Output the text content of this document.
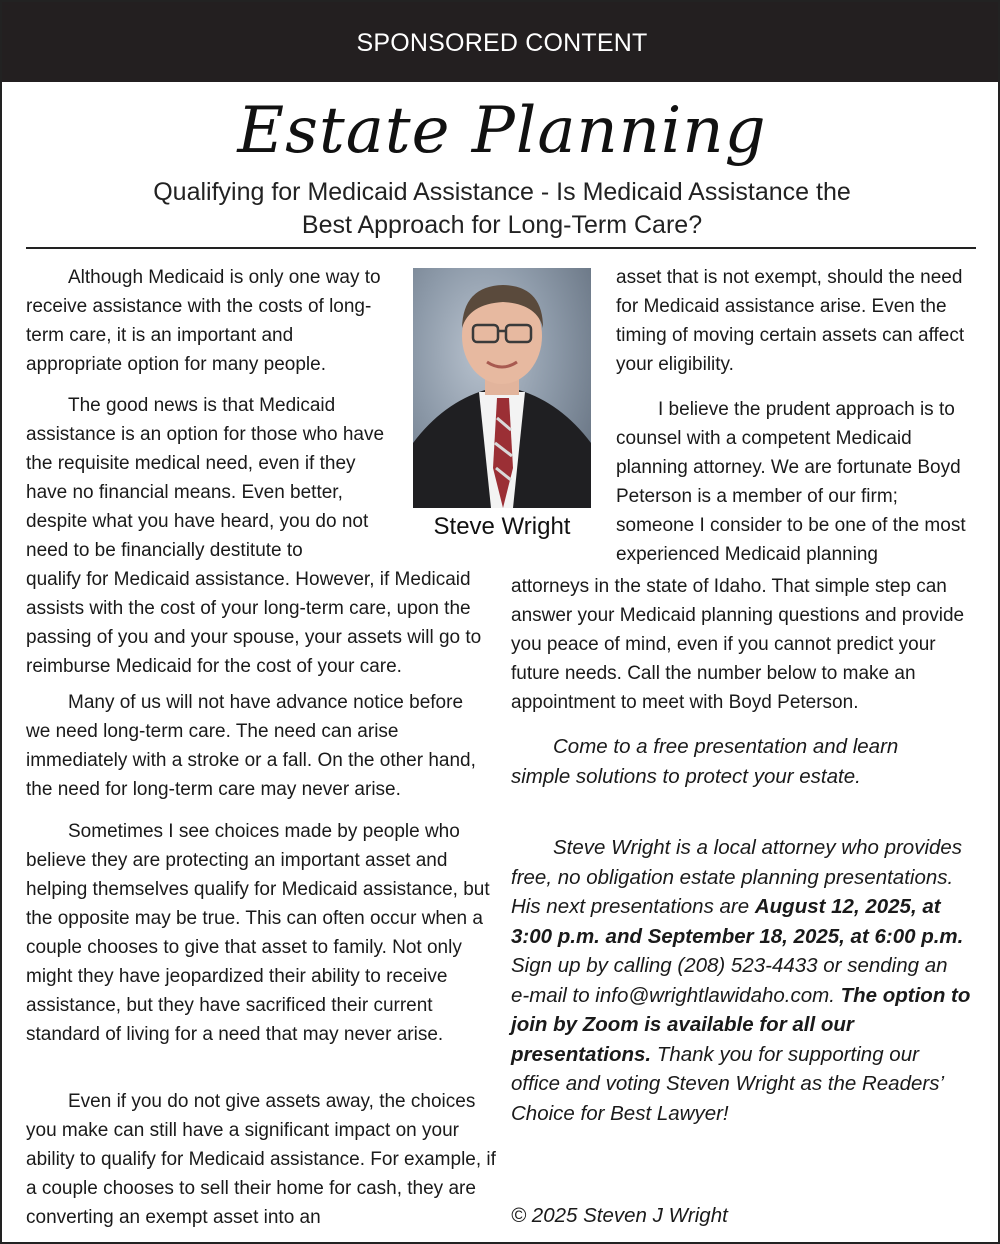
SPONSORED CONTENT
Estate Planning
Qualifying for Medicaid Assistance - Is Medicaid Assistance the
Best Approach for Long-Term Care?

Although Medicaid is only one way to receive assistance with the costs of long-term care, it is an important and appropriate option for many people.

The good news is that Medicaid assistance is an option for those who have the requisite medical need, even if they have no financial means. Even better, despite what you have heard, you do not need to be financially destitute to

qualify for Medicaid assistance. However, if Medicaid assists with the cost of your long-term care, upon the passing of you and your spouse, your assets will go to reimburse Medicaid for the cost of your care.

Many of us will not have advance notice before we need long-term care. The need can arise immediately with a stroke or a fall. On the other hand, the need for long-term care may never arise.

Sometimes I see choices made by people who believe they are protecting an important asset and helping themselves qualify for Medicaid assistance, but the opposite may be true. This can often occur when a couple chooses to give that asset to family. Not only might they have jeopardized their ability to receive assistance, but they have sacrificed their current standard of living for a need that may never arise.

Even if you do not give assets away, the choices you make can still have a significant impact on your ability to qualify for Medicaid assistance. For example, if a couple chooses to sell their home for cash, they are converting an exempt asset into an

Steve Wright

asset that is not exempt, should the need for Medicaid assistance arise. Even the timing of moving certain assets can affect your eligibility.

I believe the prudent approach is to counsel with a competent Medicaid planning attorney. We are fortunate Boyd Peterson is a member of our firm; someone I consider to be one of the most experienced Medicaid planning

attorneys in the state of Idaho. That simple step can answer your Medicaid planning questions and provide you peace of mind, even if you cannot predict your future needs. Call the number below to make an appointment to meet with Boyd Peterson.

Come to a free presentation and learn simple solutions to protect your estate.

Steve Wright is a local attorney who provides free, no obligation estate planning presentations. His next presentations are August 12, 2025, at 3:00 p.m. and September 18, 2025, at 6:00 p.m. Sign up by calling (208) 523-4433 or sending an e-mail to info@wrightlawidaho.com. The option to join by Zoom is available for all our presentations. Thank you for supporting our office and voting Steven Wright as the Readers’ Choice for Best Lawyer!

© 2025 Steven J Wright
